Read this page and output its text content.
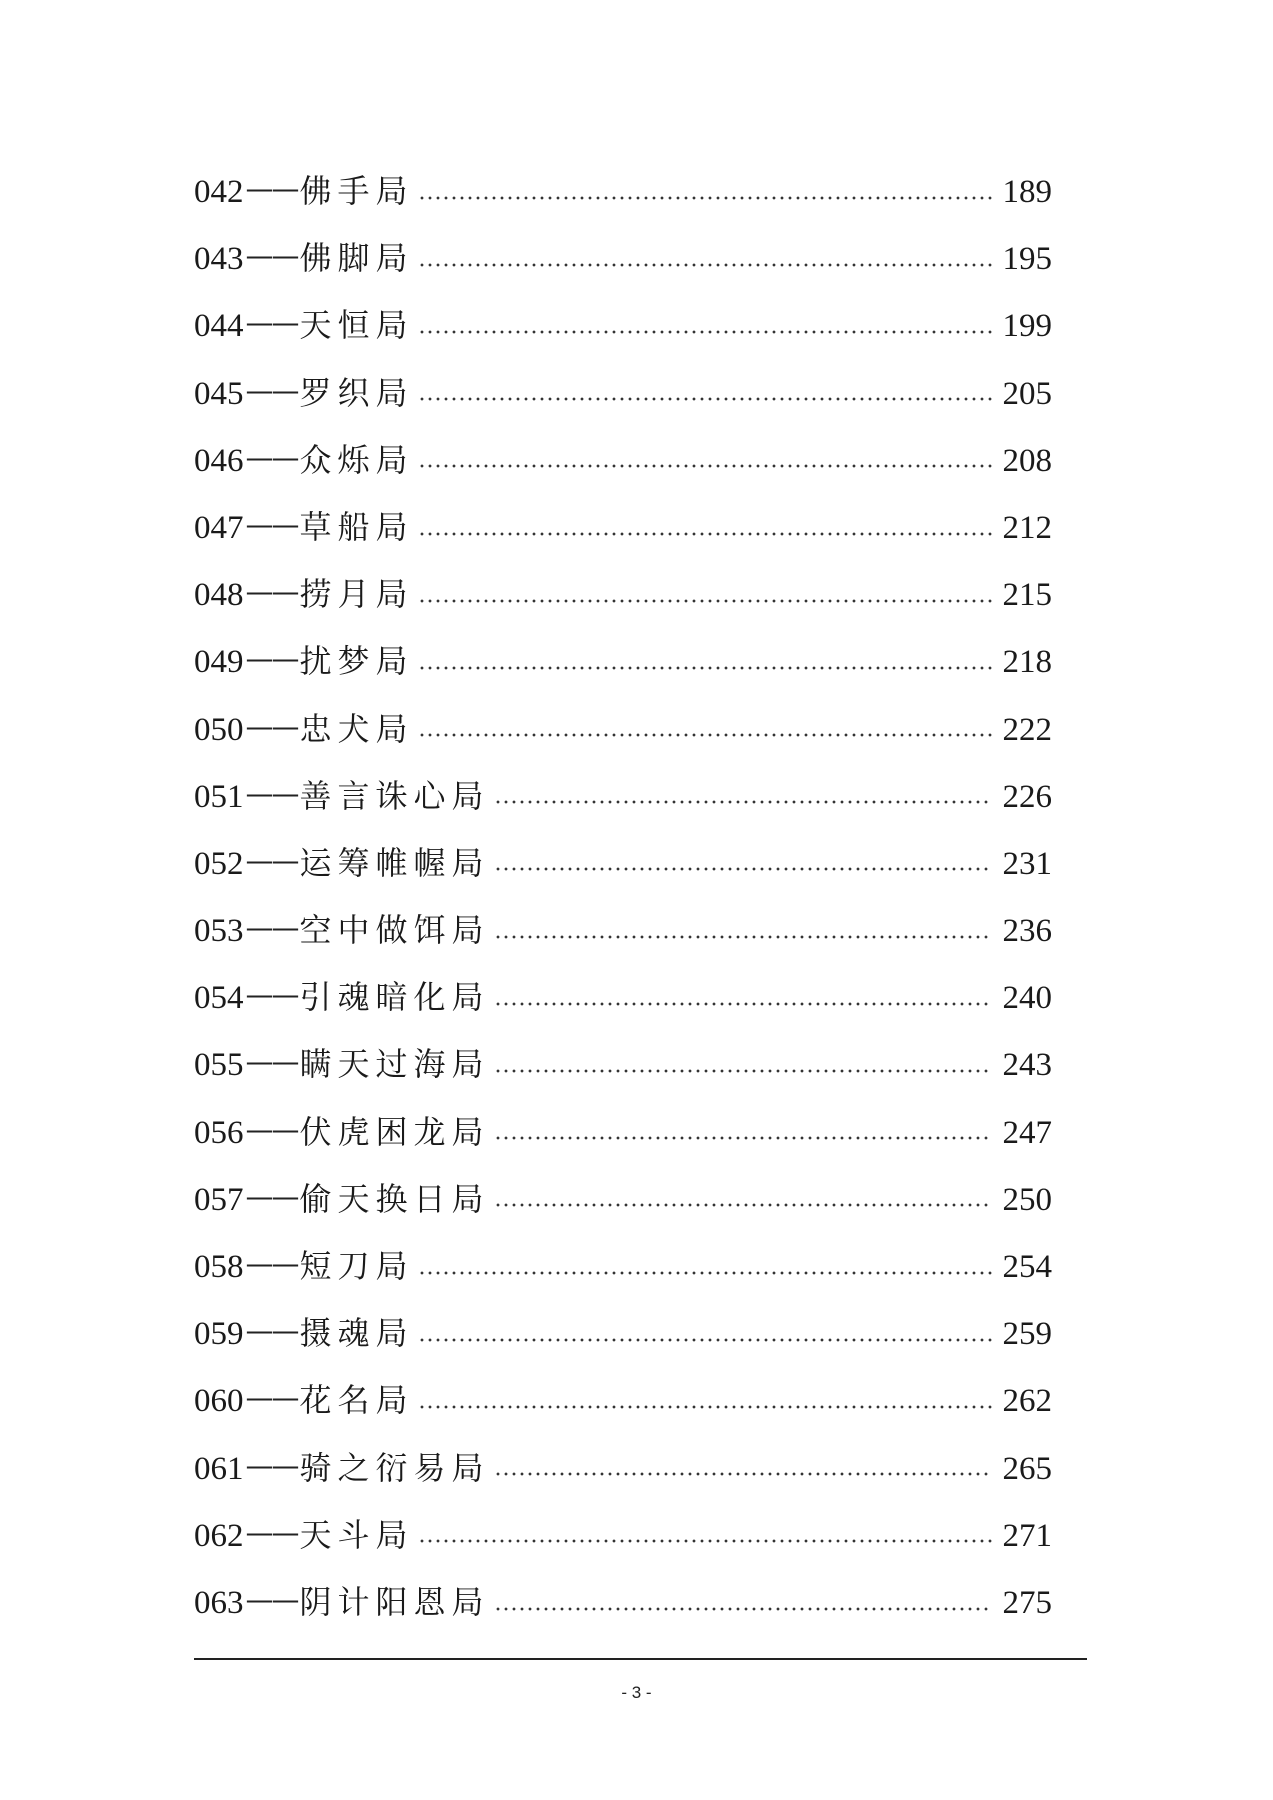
042 —— 佛手局	189
043 —— 佛脚局	195
044 —— 天恒局	199
045 —— 罗织局	205
046 —— 众烁局	208
047 —— 草船局	212
048 —— 捞月局	215
049 —— 扰梦局	218
050 —— 忠犬局	222
051 —— 善言诛心局	226
052 —— 运筹帷幄局	231
053 —— 空中做饵局	236
054 —— 引魂暗化局	240
055 —— 瞒天过海局	243
056 —— 伏虎困龙局	247
057 —— 偷天换日局	250
058 —— 短刀局	254
059 —— 摄魂局	259
060 —— 花名局	262
061 —— 骑之衍易局	265
062 —— 天斗局	271
063 —— 阴计阳恩局	275
- 3 -
